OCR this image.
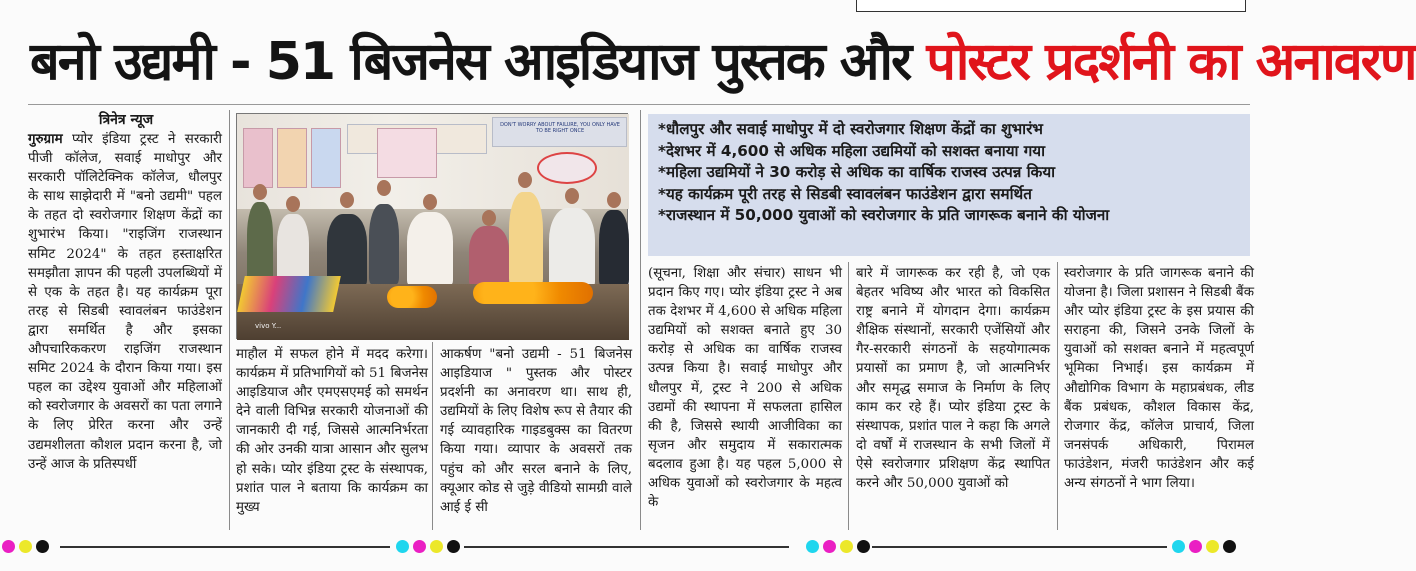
बनो उद्यमी - 51 बिजनेस आइडियाज पुस्तक और पोस्टर प्रदर्शनी का अनावरण
त्रिनेत्र न्यूज

गुरुग्राम प्योर इंडिया ट्रस्ट ने सरकारी पीजी कॉलेज, सवाई माधोपुर और सरकारी पॉलिटेक्निक कॉलेज, धौलपुर के साथ साझेदारी में "बनो उद्यमी" पहल के तहत दो स्वरोजगार शिक्षण केंद्रों का शुभारंभ किया। "राइजिंग राजस्थान समिट 2024" के तहत हस्ताक्षरित समझौता ज्ञापन की पहली उपलब्धियों में से एक के तहत है। यह कार्यक्रम पूरा तरह से सिडबी स्वावलंबन फाउंडेशन द्वारा समर्थित है और इसका औपचारिककरण राइजिंग राजस्थान समिट 2024 के दौरान किया गया। इस पहल का उद्देश्य युवाओं और महिलाओं को स्वरोजगार के अवसरों का पता लगाने के लिए प्रेरित करना और उन्हें उद्यमशीलता कौशल प्रदान करना है, जो उन्हें आज के प्रतिस्पर्धी

DON'T WORRY ABOUT FAILURE, YOU ONLY HAVE TO BE RIGHT ONCE
vivo Y...

माहौल में सफल होने में मदद करेगा। कार्यक्रम में प्रतिभागियों को 51 बिजनेस आइडियाज और एमएसएमई को समर्थन देने वाली विभिन्न सरकारी योजनाओं की जानकारी दी गई, जिससे आत्मनिर्भरता की ओर उनकी यात्रा आसान और सुलभ हो सके। प्योर इंडिया ट्रस्ट के संस्थापक, प्रशांत पाल ने बताया कि कार्यक्रम का मुख्य

आकर्षण "बनो उद्यमी - 51 बिजनेस आइडियाज " पुस्तक और पोस्टर प्रदर्शनी का अनावरण था। साथ ही, उद्यमियों के लिए विशेष रूप से तैयार की गई व्यावहारिक गाइडबुक्स का वितरण किया गया। व्यापार के अवसरों तक पहुंच को और सरल बनाने के लिए, क्यूआर कोड से जुड़े वीडियो सामग्री वाले आई ई सी

*धौलपुर और सवाई माधोपुर में दो स्वरोजगार शिक्षण केंद्रों का शुभारंभ
*देशभर में 4,600 से अधिक महिला उद्यमियों को सशक्त बनाया गया
*महिला उद्यमियों ने 30 करोड़ से अधिक का वार्षिक राजस्व उत्पन्न किया
*यह कार्यक्रम पूरी तरह से सिडबी स्वावलंबन फाउंडेशन द्वारा समर्थित
*राजस्थान में 50,000 युवाओं को स्वरोजगार के प्रति जागरूक बनाने की योजना

(सूचना, शिक्षा और संचार) साधन भी प्रदान किए गए। प्योर इंडिया ट्रस्ट ने अब तक देशभर में 4,600 से अधिक महिला उद्यमियों को सशक्त बनाते हुए 30 करोड़ से अधिक का वार्षिक राजस्व उत्पन्न किया है। सवाई माधोपुर और धौलपुर में, ट्रस्ट ने 200 से अधिक उद्यमों की स्थापना में सफलता हासिल की है, जिससे स्थायी आजीविका का सृजन और समुदाय में सकारात्मक बदलाव हुआ है। यह पहल 5,000 से अधिक युवाओं को स्वरोजगार के महत्व के

बारे में जागरूक कर रही है, जो एक बेहतर भविष्य और भारत को विकसित राष्ट्र बनाने में योगदान देगा। कार्यक्रम शैक्षिक संस्थानों, सरकारी एजेंसियों और गैर-सरकारी संगठनों के सहयोगात्मक प्रयासों का प्रमाण है, जो आत्मनिर्भर और समृद्ध समाज के निर्माण के लिए काम कर रहे हैं। प्योर इंडिया ट्रस्ट के संस्थापक, प्रशांत पाल ने कहा कि अगले दो वर्षों में राजस्थान के सभी जिलों में ऐसे स्वरोजगार प्रशिक्षण केंद्र स्थापित करने और 50,000 युवाओं को

स्वरोजगार के प्रति जागरूक बनाने की योजना है। जिला प्रशासन ने सिडबी बैंक और प्योर इंडिया ट्रस्ट के इस प्रयास की सराहना की, जिसने उनके जिलों के युवाओं को सशक्त बनाने में महत्वपूर्ण भूमिका निभाई। इस कार्यक्रम में औद्योगिक विभाग के महाप्रबंधक, लीड बैंक प्रबंधक, कौशल विकास केंद्र, रोजगार केंद्र, कॉलेज प्राचार्य, जिला जनसंपर्क अधिकारी, पिरामल फाउंडेशन, मंजरी फाउंडेशन और कई अन्य संगठनों ने भाग लिया।
